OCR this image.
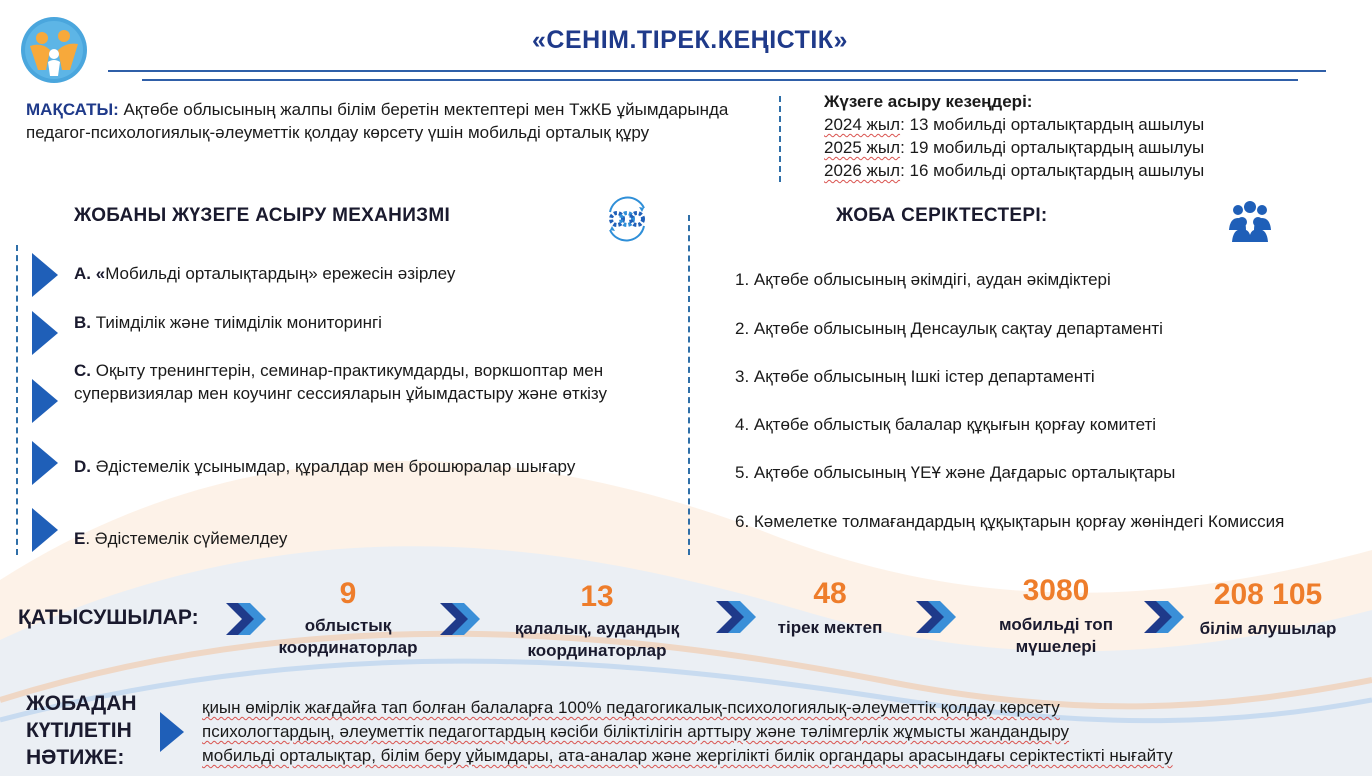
«СЕНІМ.ТІРЕК.КЕҢІСТІК»
МАҚСАТЫ: Ақтөбе облысының жалпы білім беретін мектептері мен ТжКБ ұйымдарында педагог-психологиялық-әлеуметтік қолдау көрсету үшін мобильді орталық құру
Жүзеге асыру кезеңдері:
2024 жыл: 13 мобильді орталықтардың ашылуы
2025 жыл: 19 мобильді орталықтардың ашылуы
2026 жыл: 16 мобильді орталықтардың ашылуы
ЖОБАНЫ ЖҮЗЕГЕ АСЫРУ МЕХАНИЗМІ
А. «Мобильді орталықтардың» ережесін әзірлеу
В. Тиімділік және тиімділік мониторингі
С. Оқыту тренингтерін, семинар-практикумдарды, воркшоптар мен супервизиялар мен коучинг сессияларын ұйымдастыру және өткізу
D. Әдістемелік ұсынымдар, құралдар мен брошюралар шығару
Е. Әдістемелік сүйемелдеу
ЖОБА СЕРІКТЕСТЕРІ:
1. Ақтөбе облысының әкімдігі, аудан әкімдіктері
2. Ақтөбе облысының Денсаулық сақтау департаменті
3. Ақтөбе облысының Ішкі істер департаменті
4. Ақтөбе облыстық балалар құқығын қорғау комитеті
5. Ақтөбе облысының ҮЕҰ және Дағдарыс орталықтары
6. Кәмелетке толмағандардың құқықтарын қорғау жөніндегі Комиссия
ҚАТЫСУШЫЛАР:
9
облыстық координаторлар
13
қалалық, аудандық координаторлар
48
тірек мектеп
3080
мобильді топ мүшелері
208 105
білім алушылар
ЖОБАДАН
КҮТІЛЕТІН
НӘТИЖЕ:
қиын өмірлік жағдайға тап болған балаларға 100% педагогикалық-психологиялық-әлеуметтік қолдау көрсету
психологтардың, әлеуметтік педагогтардың кәсіби біліктілігін арттыру және тәлімгерлік жұмысты жандандыру
мобильді орталықтар, білім беру ұйымдары, ата-аналар және жергілікті билік органдары арасындағы серіктестікті нығайту
